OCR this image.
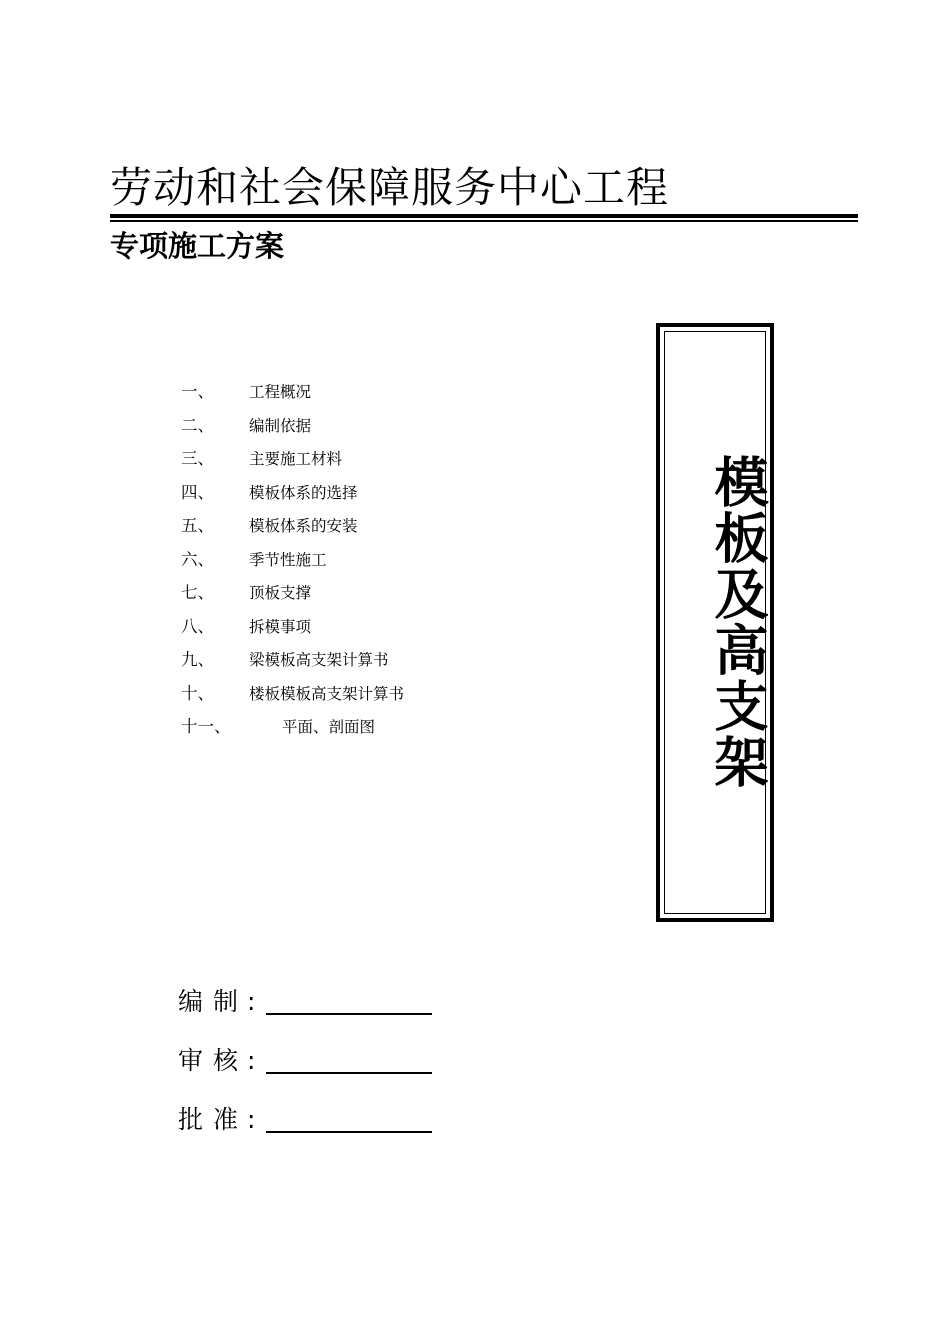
劳动和社会保障服务中心工程
专项施工方案
一、 工程概况
二、 编制依据
三、 主要施工材料
四、 模板体系的选择
五、 模板体系的安装
六、 季节性施工
七、 顶板支撑
八、 拆模事项
九、 梁模板高支架计算书
十、 楼板模板高支架计算书
十一、	平面、剖面图	模板及高支架
编制
:
审核
:
批准
:
